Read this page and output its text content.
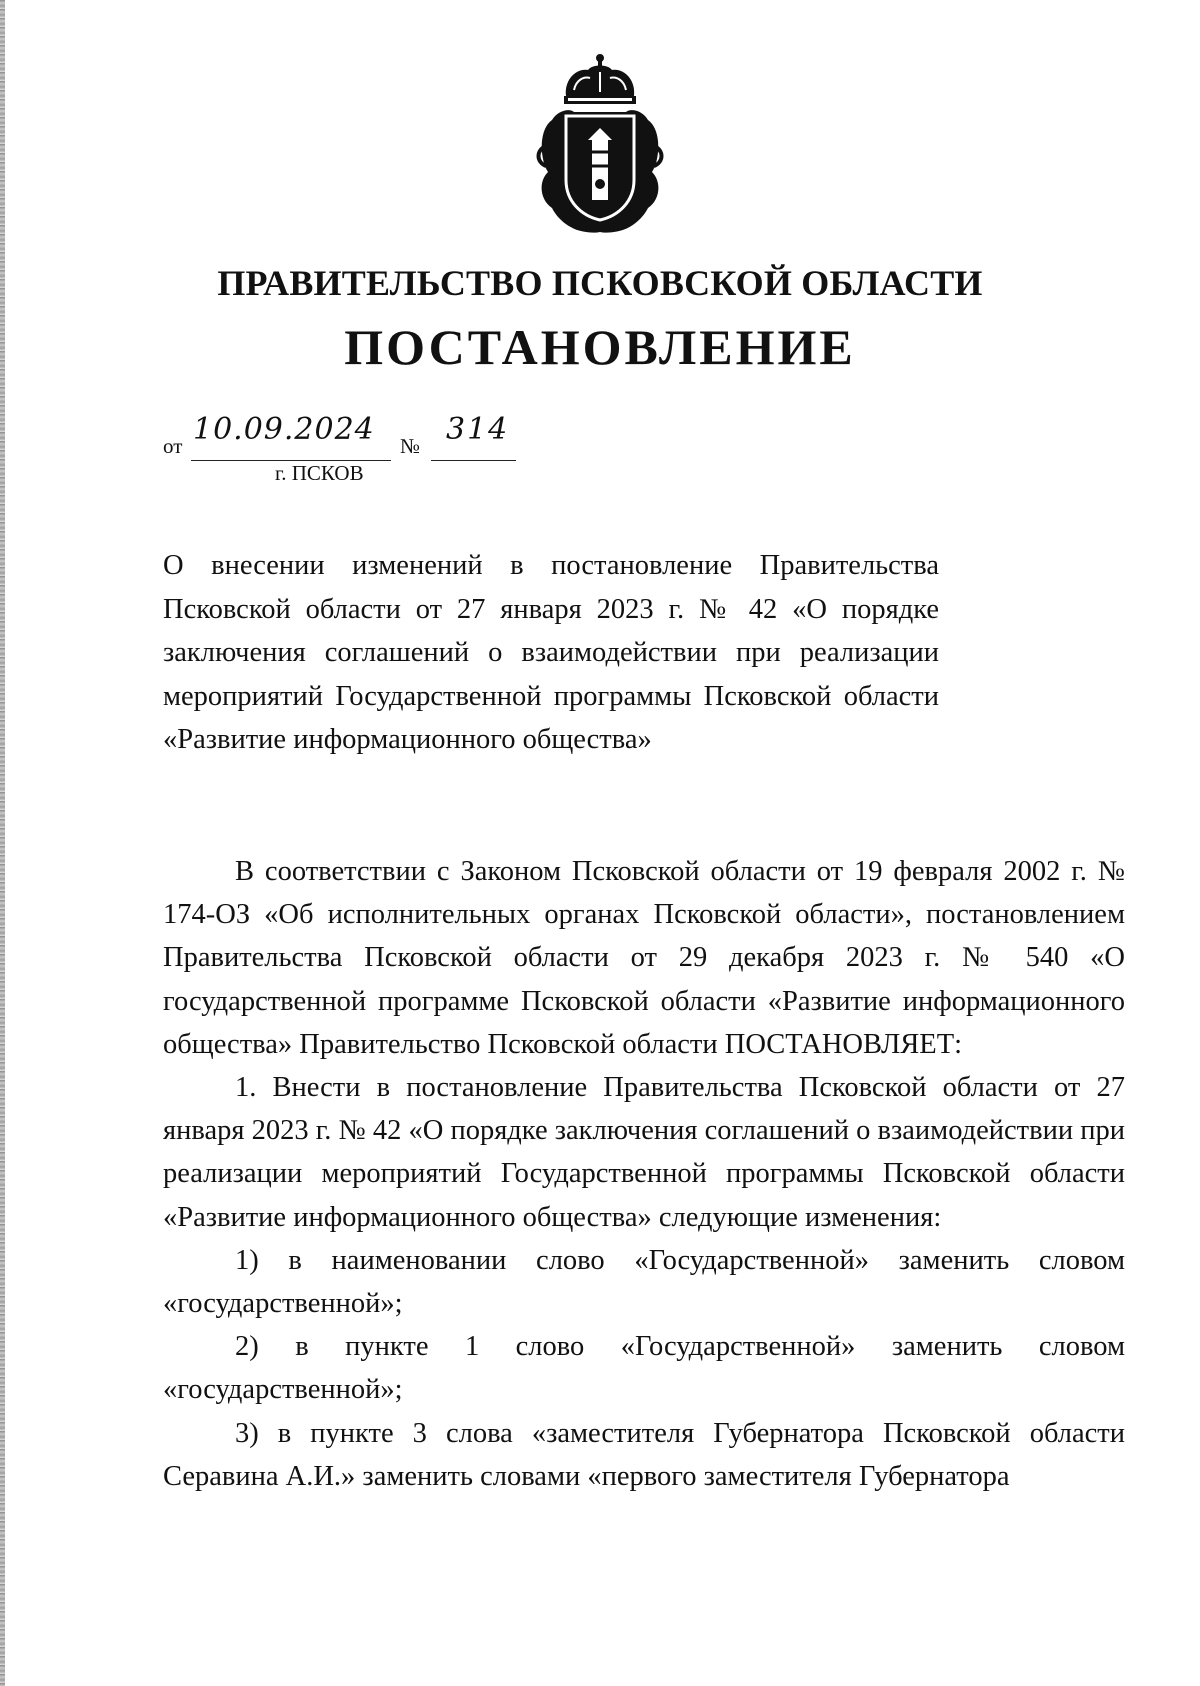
ПРАВИТЕЛЬСТВО ПСКОВСКОЙ ОБЛАСТИ
ПОСТАНОВЛЕНИЕ
от 10.09.2024 № 314
г. ПСКОВ
О внесении изменений в постановление Правительства Псковской области от 27 января 2023 г. № 42 «О порядке заключения соглашений о взаимодействии при реализации мероприятий Государственной программы Псковской области «Развитие информационного общества»

В соответствии с Законом Псковской области от 19 февраля 2002 г. № 174-ОЗ «Об исполнительных органах Псковской области», постановлением Правительства Псковской области от 29 декабря 2023 г. № 540 «О государственной программе Псковской области «Развитие информационного общества» Правительство Псковской области ПОСТАНОВЛЯЕТ:

1. Внести в постановление Правительства Псковской области от 27 января 2023 г. № 42 «О порядке заключения соглашений о взаимодействии при реализации мероприятий Государственной программы Псковской области «Развитие информационного общества» следующие изменения:

1) в наименовании слово «Государственной» заменить словом «государственной»;

2) в пункте 1 слово «Государственной» заменить словом «государственной»;

3) в пункте 3 слова «заместителя Губернатора Псковской области Серавина А.И.» заменить словами «первого заместителя Губернатора
